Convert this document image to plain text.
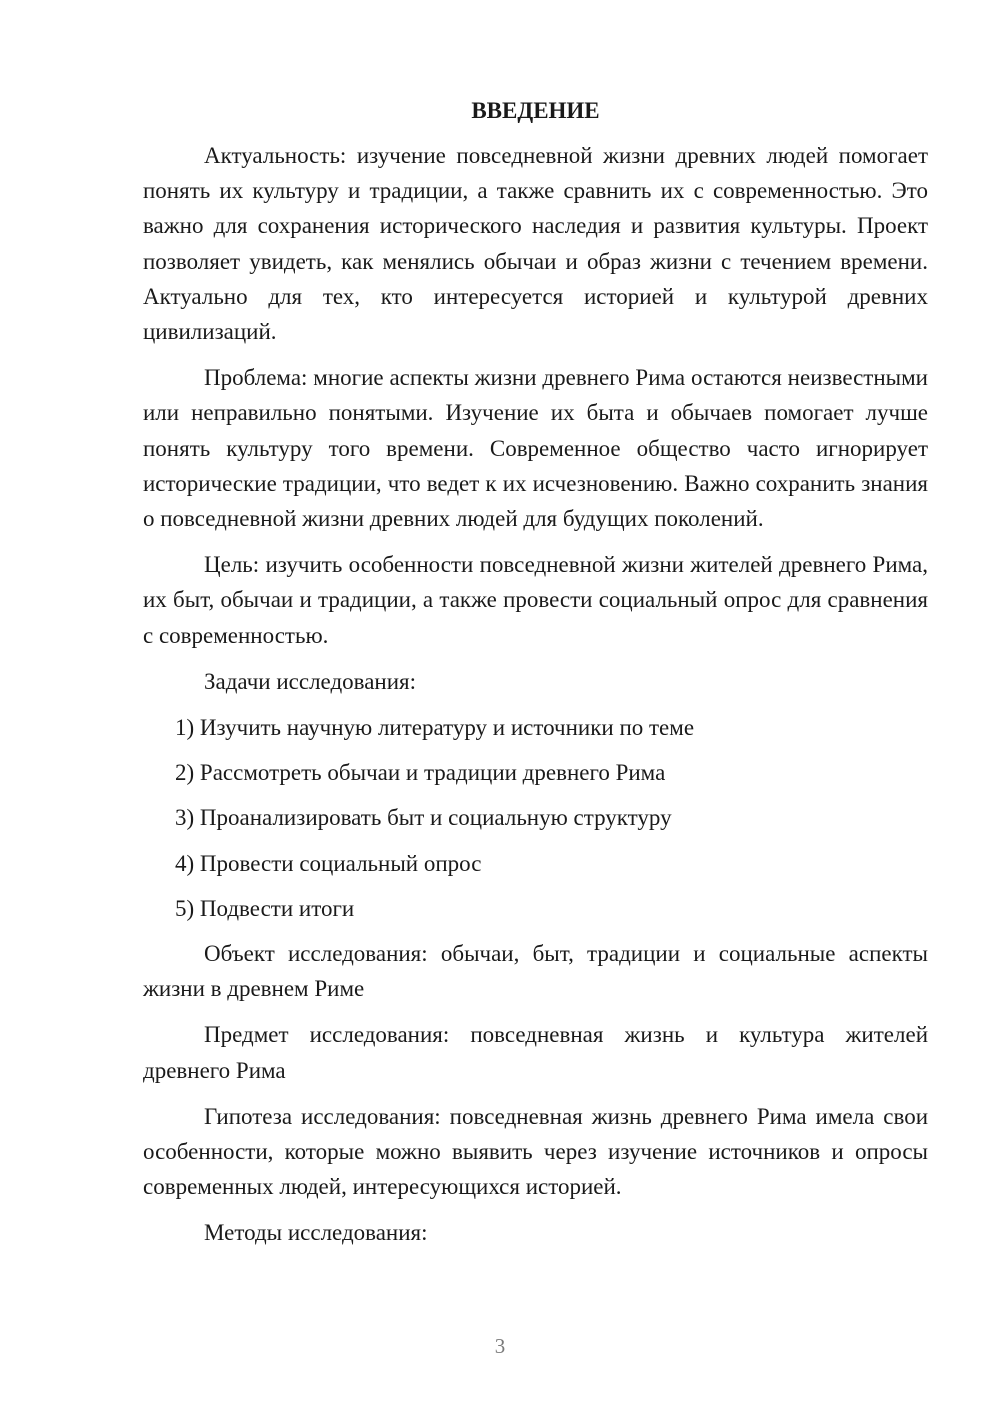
ВВЕДЕНИЕ

Актуальность: изучение повседневной жизни древних людей помогает понять их культуру и традиции, а также сравнить их с современностью. Это важно для сохранения исторического наследия и развития культуры. Проект позволяет увидеть, как менялись обычаи и образ жизни с течением времени. Актуально для тех, кто интересуется историей и культурой древних цивилизаций.

Проблема: многие аспекты жизни древнего Рима остаются неизвестными или неправильно понятыми. Изучение их быта и обычаев помогает лучше понять культуру того времени. Современное общество часто игнорирует исторические традиции, что ведет к их исчезновению. Важно сохранить знания о повседневной жизни древних людей для будущих поколений.

Цель: изучить особенности повседневной жизни жителей древнего Рима, их быт, обычаи и традиции, а также провести социальный опрос для сравнения с современностью.

Задачи исследования:

1) Изучить научную литературу и источники по теме
2) Рассмотреть обычаи и традиции древнего Рима
3) Проанализировать быт и социальную структуру
4) Провести социальный опрос
5) Подвести итоги

Объект исследования: обычаи, быт, традиции и социальные аспекты жизни в древнем Риме

Предмет исследования: повседневная жизнь и культура жителей древнего Рима

Гипотеза исследования: повседневная жизнь древнего Рима имела свои особенности, которые можно выявить через изучение источников и опросы современных людей, интересующихся историей.

Методы исследования:

3
